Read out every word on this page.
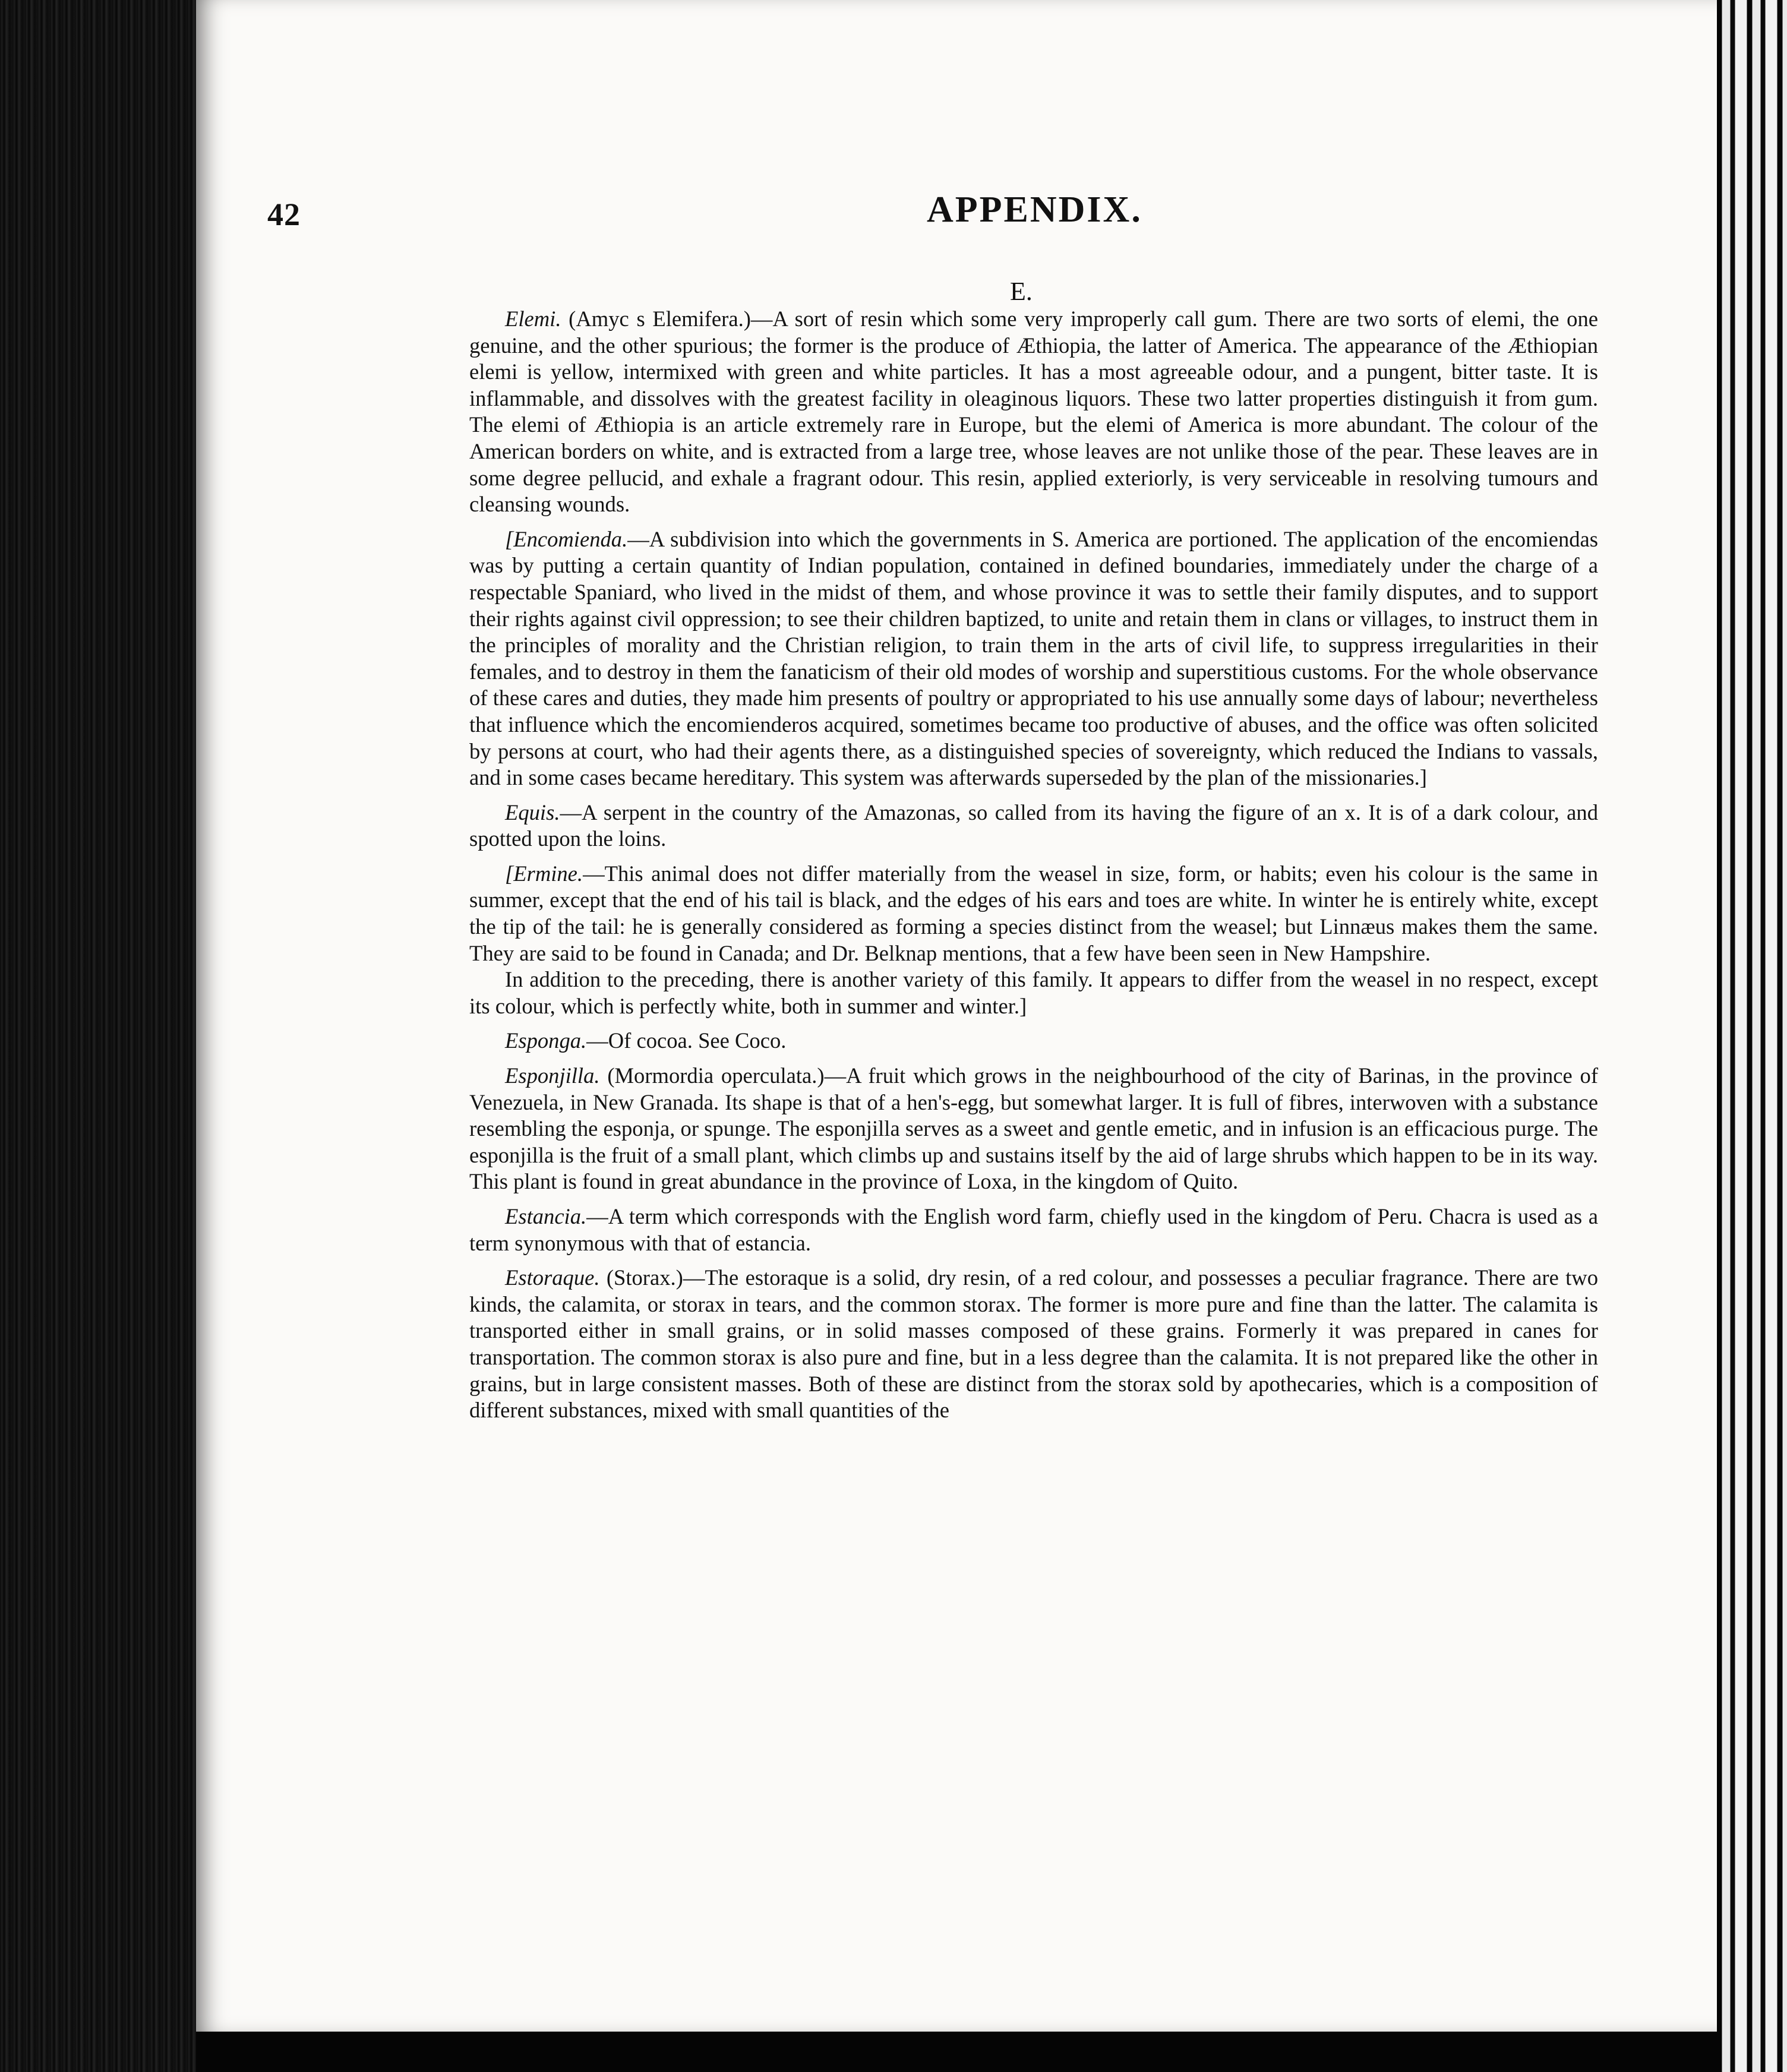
42	APPENDIX.
E.

Elemi. (Amyc s Elemifera.)—A sort of resin which some very improperly call gum. There are two sorts of elemi, the one genuine, and the other spurious; the former is the produce of Æthiopia, the latter of America. The appearance of the Æthiopian elemi is yellow, intermixed with green and white particles. It has a most agreeable odour, and a pungent, bitter taste. It is inflammable, and dissolves with the greatest facility in oleaginous liquors. These two latter properties distinguish it from gum. The elemi of Æthiopia is an article extremely rare in Europe, but the elemi of America is more abundant. The colour of the American borders on white, and is extracted from a large tree, whose leaves are not unlike those of the pear. These leaves are in some degree pellucid, and exhale a fragrant odour. This resin, applied exteriorly, is very serviceable in resolving tumours and cleansing wounds.

[Encomienda.—A subdivision into which the governments in S. America are portioned. The application of the encomiendas was by putting a certain quantity of Indian population, contained in defined boundaries, immediately under the charge of a respectable Spaniard, who lived in the midst of them, and whose province it was to settle their family disputes, and to support their rights against civil oppression; to see their children baptized, to unite and retain them in clans or villages, to instruct them in the principles of morality and the Christian religion, to train them in the arts of civil life, to suppress irregularities in their females, and to destroy in them the fanaticism of their old modes of worship and superstitious customs. For the whole observance of these cares and duties, they made him presents of poultry or appropriated to his use annually some days of labour; nevertheless that influence which the encomienderos acquired, sometimes became too productive of abuses, and the office was often solicited by persons at court, who had their agents there, as a distinguished species of sovereignty, which reduced the Indians to vassals, and in some cases became hereditary. This system was afterwards superseded by the plan of the missionaries.]

Equis.—A serpent in the country of the Amazonas, so called from its having the figure of an x. It is of a dark colour, and spotted upon the loins.

[Ermine.—This animal does not differ materially from the weasel in size, form, or habits; even his colour is the same in summer, except that the end of his tail is black, and the edges of his ears and toes are white. In winter he is entirely white, except the tip of the tail: he is generally considered as forming a species distinct from the weasel; but Linnæus makes them the same. They are said to be found in Canada; and Dr. Belknap mentions, that a few have been seen in New Hampshire.

In addition to the preceding, there is another variety of this family. It appears to differ from the weasel in no respect, except its colour, which is perfectly white, both in summer and winter.]

Esponga.—Of cocoa. See Coco.

Esponjilla. (Mormordia operculata.)—A fruit which grows in the neighbourhood of the city of Barinas, in the province of Venezuela, in New Granada. Its shape is that of a hen's-egg, but somewhat larger. It is full of fibres, interwoven with a substance resembling the esponja, or spunge. The esponjilla serves as a sweet and gentle emetic, and in infusion is an efficacious purge. The esponjilla is the fruit of a small plant, which climbs up and sustains itself by the aid of large shrubs which happen to be in its way. This plant is found in great abundance in the province of Loxa, in the kingdom of Quito.

Estancia.—A term which corresponds with the English word farm, chiefly used in the kingdom of Peru. Chacra is used as a term synonymous with that of estancia.

Estoraque. (Storax.)—The estoraque is a solid, dry resin, of a red colour, and possesses a peculiar fragrance. There are two kinds, the calamita, or storax in tears, and the common storax. The former is more pure and fine than the latter. The calamita is transported either in small grains, or in solid masses composed of these grains. Formerly it was prepared in canes for transportation. The common storax is also pure and fine, but in a less degree than the calamita. It is not prepared like the other in grains, but in large consistent masses. Both of these are distinct from the storax sold by apothecaries, which is a composition of different substances, mixed with small quantities of the
